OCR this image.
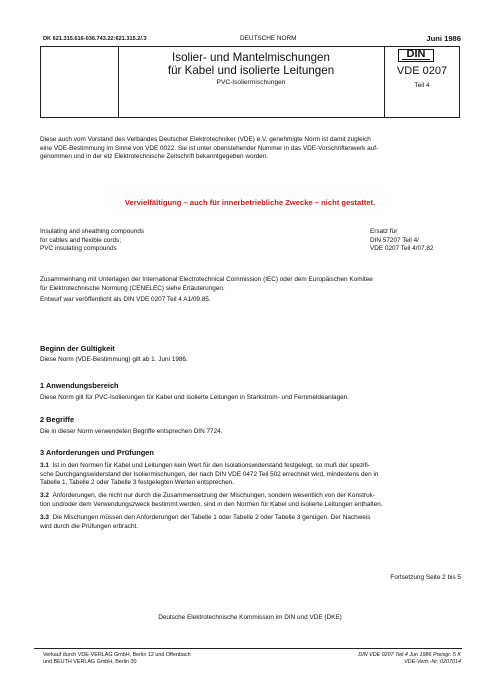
DK 621.315.616-036.743.22:621.315.2/.3	DEUTSCHE NORM	Juni 1986
Isolier- und Mantelmischungen
für Kabel und isolierte Leitungen
PVC-Isoliermischungen
DIN
VDE 0207
Teil 4
Diese auch vom Vorstand des Verbandes Deutscher Elektrotechniker (VDE) e.V. genehmigte Norm ist damit zugleich
eine VDE-Bestimmung im Sinne von VDE 0022. Sie ist unter obenstehender Nummer in das VDE-Vorschriftenwerk auf-
genommen und in der etz Elektrotechnische Zeitschrift bekanntgegeben worden.
Vervielfältigung – auch für innerbetriebliche Zwecke – nicht gestattet.
Insulating and sheathing compounds
for cables and flexible cords;
PVC insulating compounds
Ersatz für
DIN 57207 Teil 4/
VDE 0207 Teil 4/07.82
Zusammenhang mit Unterlagen der International Electrotechnical Commission (IEC) oder dem Europäischen Komitee
für Elektrotechnische Normung (CENELEC) siehe Erläuterungen.
Entwurf war veröffentlicht als DIN VDE 0207 Teil 4 A1/09.85.
Beginn der Gültigkeit
Diese Norm (VDE-Bestimmung) gilt ab 1. Juni 1986.
1 Anwendungsbereich
Diese Norm gilt für PVC-Isolierungen für Kabel und isolierte Leitungen in Starkstrom- und Fernmeldeanlagen.
2 Begriffe
Die in dieser Norm verwendeten Begriffe entsprechen DIN 7724.
3 Anforderungen und Prüfungen
3.1 Ist in den Normen für Kabel und Leitungen kein Wert für den Isolationswiderstand festgelegt, so muß der spezifi-
sche Durchgangswiderstand der Isoliermischungen, der nach DIN VDE 0472 Teil 502 errechnet wird, mindestens den in
Tabelle 1, Tabelle 2 oder Tabelle 3 festgelegten Werten entsprechen.
3.2 Anforderungen, die nicht nur durch die Zusammensetzung der Mischungen, sondern wesentlich von der Konstruk-
tion und/oder dem Verwendungszweck bestimmt werden, sind in den Normen für Kabel und isolierte Leitungen enthalten.
3.3 Die Mischungen müssen den Anforderungen der Tabelle 1 oder Tabelle 2 oder Tabelle 3 genügen. Der Nachweis
wird durch die Prüfungen erbracht.
Fortsetzung Seite 2 bis 5
Deutsche Elektrotechnische Kommission im DIN und VDE (DKE)
Verkauf durch VDE-VERLAG GmbH, Berlin 12 und Offenbach
und BEUTH VERLAG GmbH, Berlin 30
DIN VDE 0207 Teil 4 Jun 1986 Preisgr. 5 K
VDE-Vertr.-Nr. 0207014
